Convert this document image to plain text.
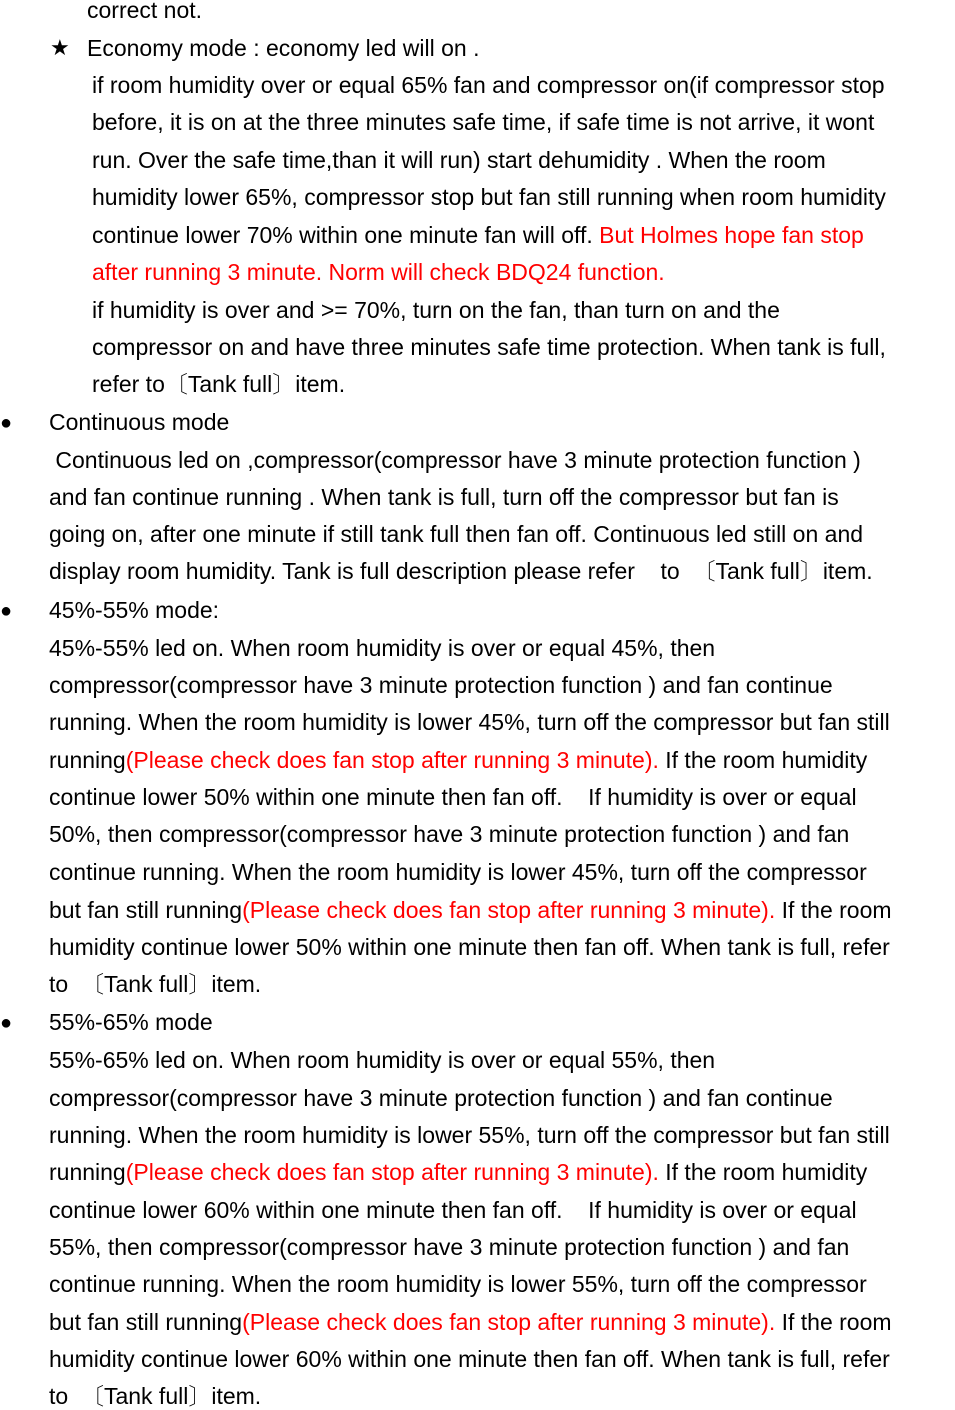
correct not.
★ Economy mode : economy led will on .
if room humidity over or equal 65% fan and compressor on(if compressor stop
before, it is on at the three minutes safe time, if safe time is not arrive, it wont
run. Over the safe time,than it will run) start dehumidity . When the room
humidity lower 65%, compressor stop but fan still running when room humidity
continue lower 70% within one minute fan will off. But Holmes hope fan stop
after running 3 minute. Norm will check BDQ24 function.
if humidity is over and >= 70%, turn on the fan, than turn on and the
compressor on and have three minutes safe time protection. When tank is full,
refer to〔Tank full〕item.
● Continuous mode
Continuous led on ,compressor(compressor have 3 minute protection function )
and fan continue running . When tank is full, turn off the compressor but fan is
going on, after one minute if still tank full then fan off. Continuous led still on and
display room humidity. Tank is full description please refer    to  〔Tank full〕item.
● 45%-55% mode:
45%-55% led on. When room humidity is over or equal 45%, then
compressor(compressor have 3 minute protection function ) and fan continue
running. When the room humidity is lower 45%, turn off the compressor but fan still
running(Please check does fan stop after running 3 minute). If the room humidity
continue lower 50% within one minute then fan off.    If humidity is over or equal
50%, then compressor(compressor have 3 minute protection function ) and fan
continue running. When the room humidity is lower 45%, turn off the compressor
but fan still running(Please check does fan stop after running 3 minute). If the room
humidity continue lower 50% within one minute then fan off. When tank is full, refer
to  〔Tank full〕item.
● 55%-65% mode
55%-65% led on. When room humidity is over or equal 55%, then
compressor(compressor have 3 minute protection function ) and fan continue
running. When the room humidity is lower 55%, turn off the compressor but fan still
running(Please check does fan stop after running 3 minute). If the room humidity
continue lower 60% within one minute then fan off.    If humidity is over or equal
55%, then compressor(compressor have 3 minute protection function ) and fan
continue running. When the room humidity is lower 55%, turn off the compressor
but fan still running(Please check does fan stop after running 3 minute). If the room
humidity continue lower 60% within one minute then fan off. When tank is full, refer
to  〔Tank full〕item.
